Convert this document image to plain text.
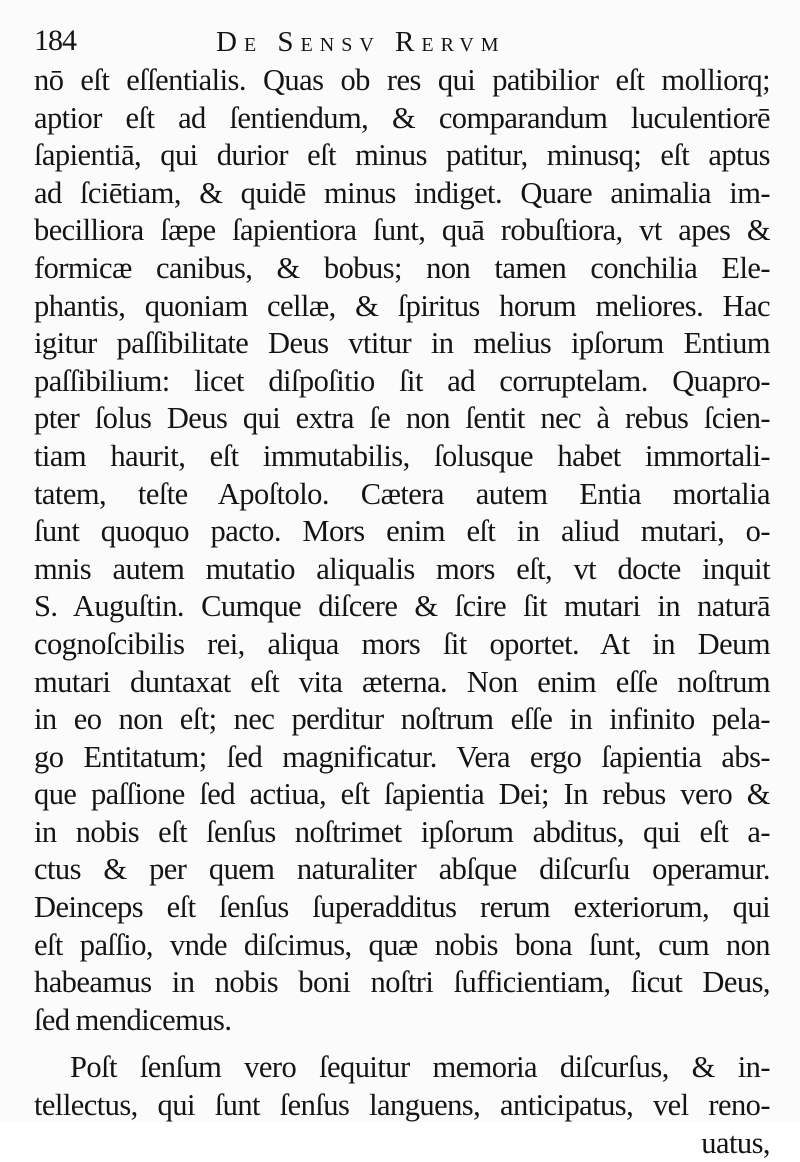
184	De Sensv Rervm
nō eſt eſſentialis. Quas ob res qui patibilior eſt molliorq;
aptior eſt ad ſentiendum, & comparandum luculentiorē
ſapientiā, qui durior eſt minus patitur, minusq; eſt aptus
ad ſciētiam, & quidē minus indiget. Quare animalia im-
becilliora ſæpe ſapientiora ſunt, quā robuſtiora, vt apes &
formicæ canibus, & bobus; non tamen conchilia Ele-
phantis, quoniam cellæ, & ſpiritus horum meliores. Hac
igitur paſſibilitate Deus vtitur in melius ipſorum Entium
paſſibilium: licet diſpoſitio ſit ad corruptelam. Quapro-
pter ſolus Deus qui extra ſe non ſentit nec à rebus ſcien-
tiam haurit, eſt immutabilis, ſolusque habet immortali-
tatem, teſte Apoſtolo. Cætera autem Entia mortalia
ſunt quoquo pacto. Mors enim eſt in aliud mutari, o-
mnis autem mutatio aliqualis mors eſt, vt docte inquit
S. Auguſtin. Cumque diſcere & ſcire ſit mutari in naturā
cognoſcibilis rei, aliqua mors ſit oportet. At in Deum
mutari duntaxat eſt vita æterna. Non enim eſſe noſtrum
in eo non eſt; nec perditur noſtrum eſſe in infinito pela-
go Entitatum; ſed magnificatur. Vera ergo ſapientia abs-
que paſſione ſed actiua, eſt ſapientia Dei; In rebus vero &
in nobis eſt ſenſus noſtrimet ipſorum abditus, qui eſt a-
ctus & per quem naturaliter abſque diſcurſu operamur.
Deinceps eſt ſenſus ſuperadditus rerum exteriorum, qui
eſt paſſio, vnde diſcimus, quæ nobis bona ſunt, cum non
habeamus in nobis boni noſtri ſufficientiam, ſicut Deus,
ſed mendicemus.
Poſt ſenſum vero ſequitur memoria diſcurſus, & in-
tellectus, qui ſunt ſenſus languens, anticipatus, vel reno-
uatus,
